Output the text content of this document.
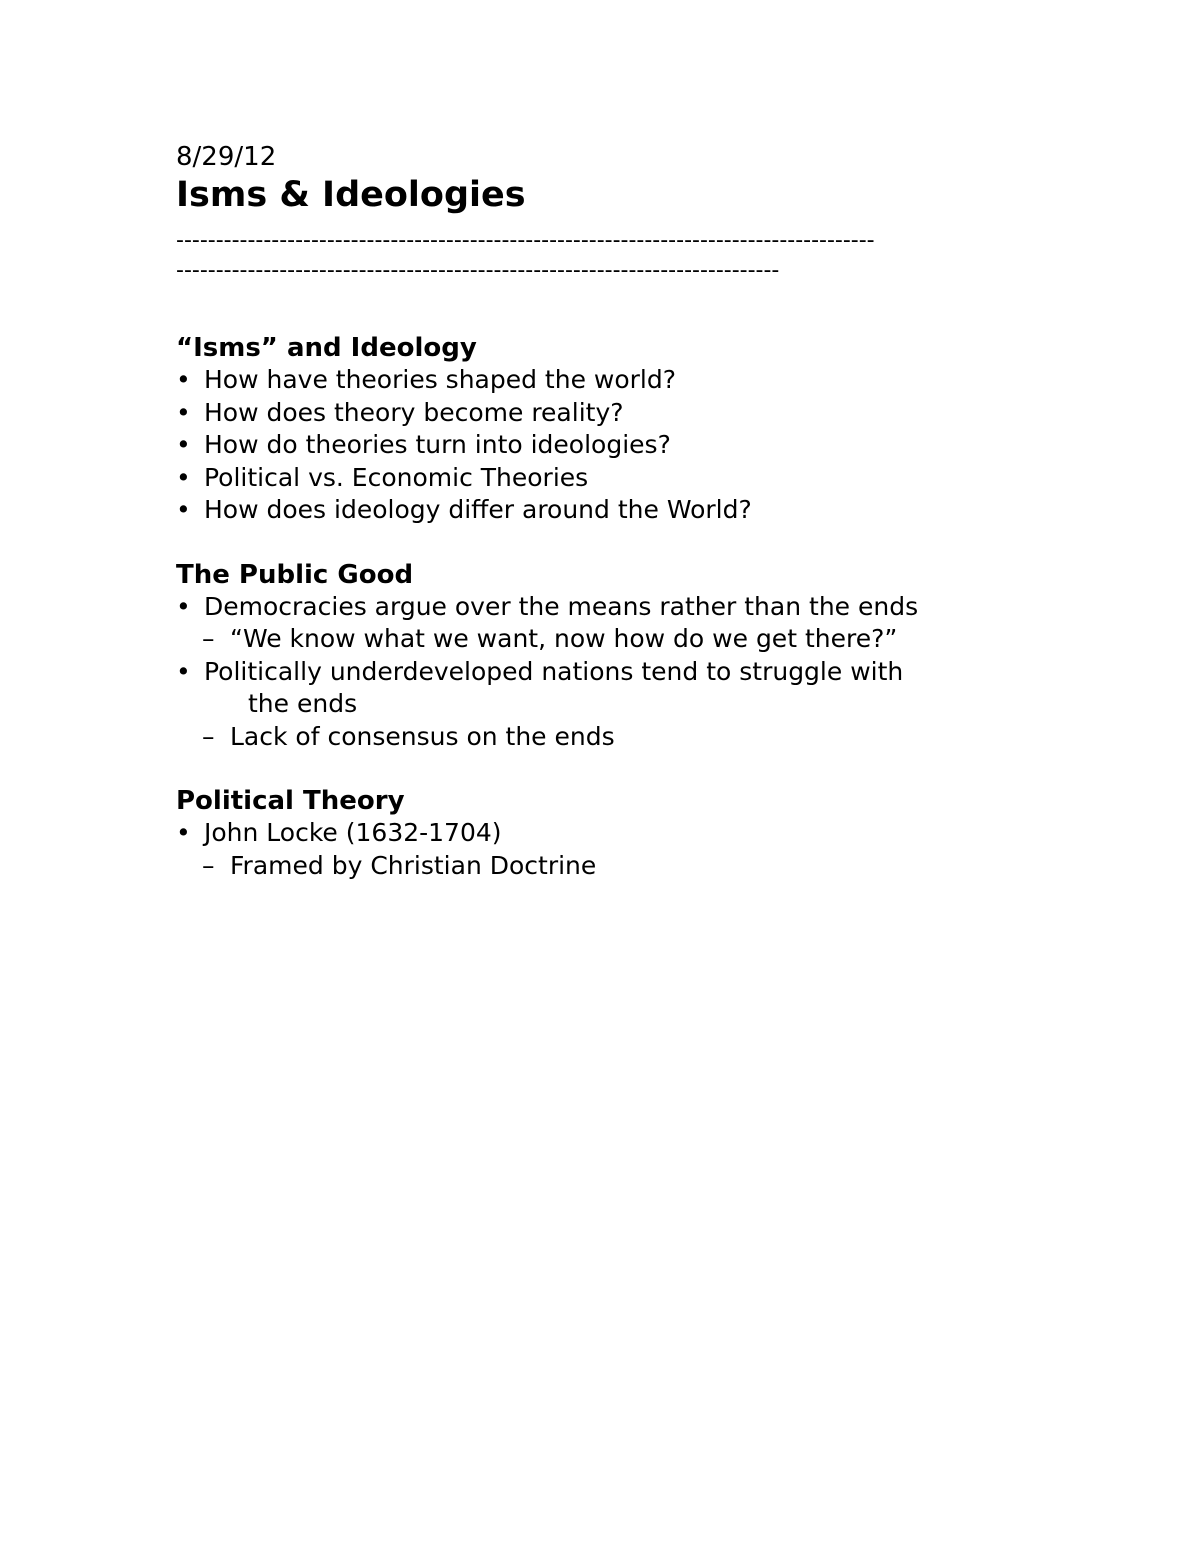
8/29/12

Isms & Ideologies
----------------------------------------------------------------------------------------
----------------------------------------------------------------------------
“Isms” and Ideology
• How have theories shaped the world?
• How does theory become reality?
• How do theories turn into ideologies?
• Political vs. Economic Theories
• How does ideology differ around the World?
The Public Good
• Democracies argue over the means rather than the ends
– “We know what we want, now how do we get there?”
• Politically underdeveloped nations tend to struggle with
the ends
– Lack of consensus on the ends
Political Theory
• John Locke (1632-1704)
– Framed by Christian Doctrine
